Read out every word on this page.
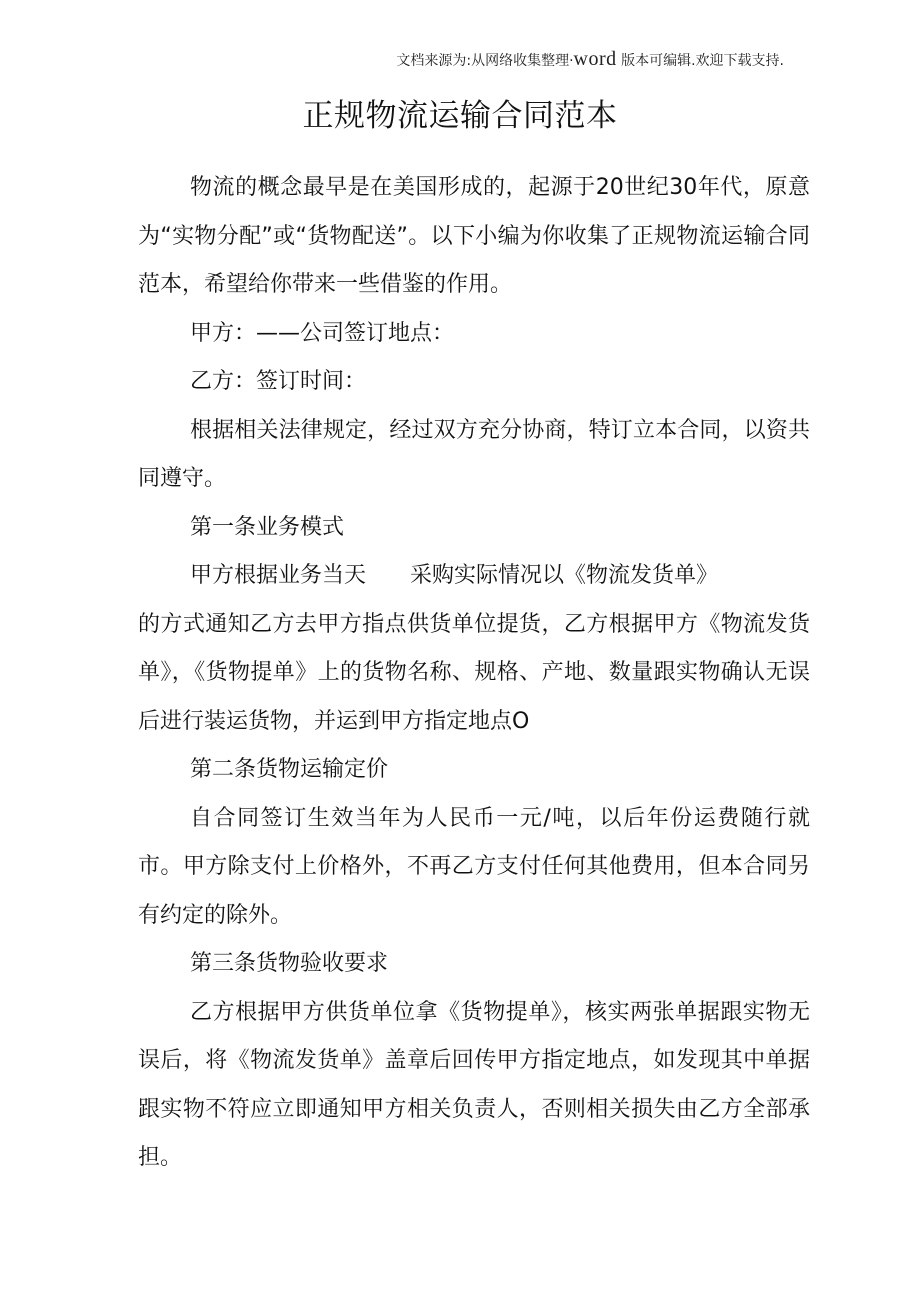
文档来源为:从网络收集整理·word 版本可编辑.欢迎下载支持.
正规物流运输合同范本

物流的概念最早是在美国形成的，起源于20世纪30年代，原意为“实物分配”或“货物配送”。以下小编为你收集了正规物流运输合同范本，希望给你带来一些借鉴的作用。

甲方：——公司签订地点：

乙方：签订时间：

根据相关法律规定，经过双方充分协商，特订立本合同，以资共同遵守。

第一条业务模式

甲方根据业务当天　　采购实际情况以《物流发货单》

的方式通知乙方去甲方指点供货单位提货，乙方根据甲方《物流发货单》，《货物提单》上的货物名称、规格、产地、数量跟实物确认无误后进行装运货物，并运到甲方指定地点O

第二条货物运输定价

自合同签订生效当年为人民币一元/吨，以后年份运费随行就市。甲方除支付上价格外，不再乙方支付任何其他费用，但本合同另有约定的除外。

第三条货物验收要求

乙方根据甲方供货单位拿《货物提单》，核实两张单据跟实物无误后，将《物流发货单》盖章后回传甲方指定地点，如发现其中单据跟实物不符应立即通知甲方相关负责人，否则相关损失由乙方全部承担。
